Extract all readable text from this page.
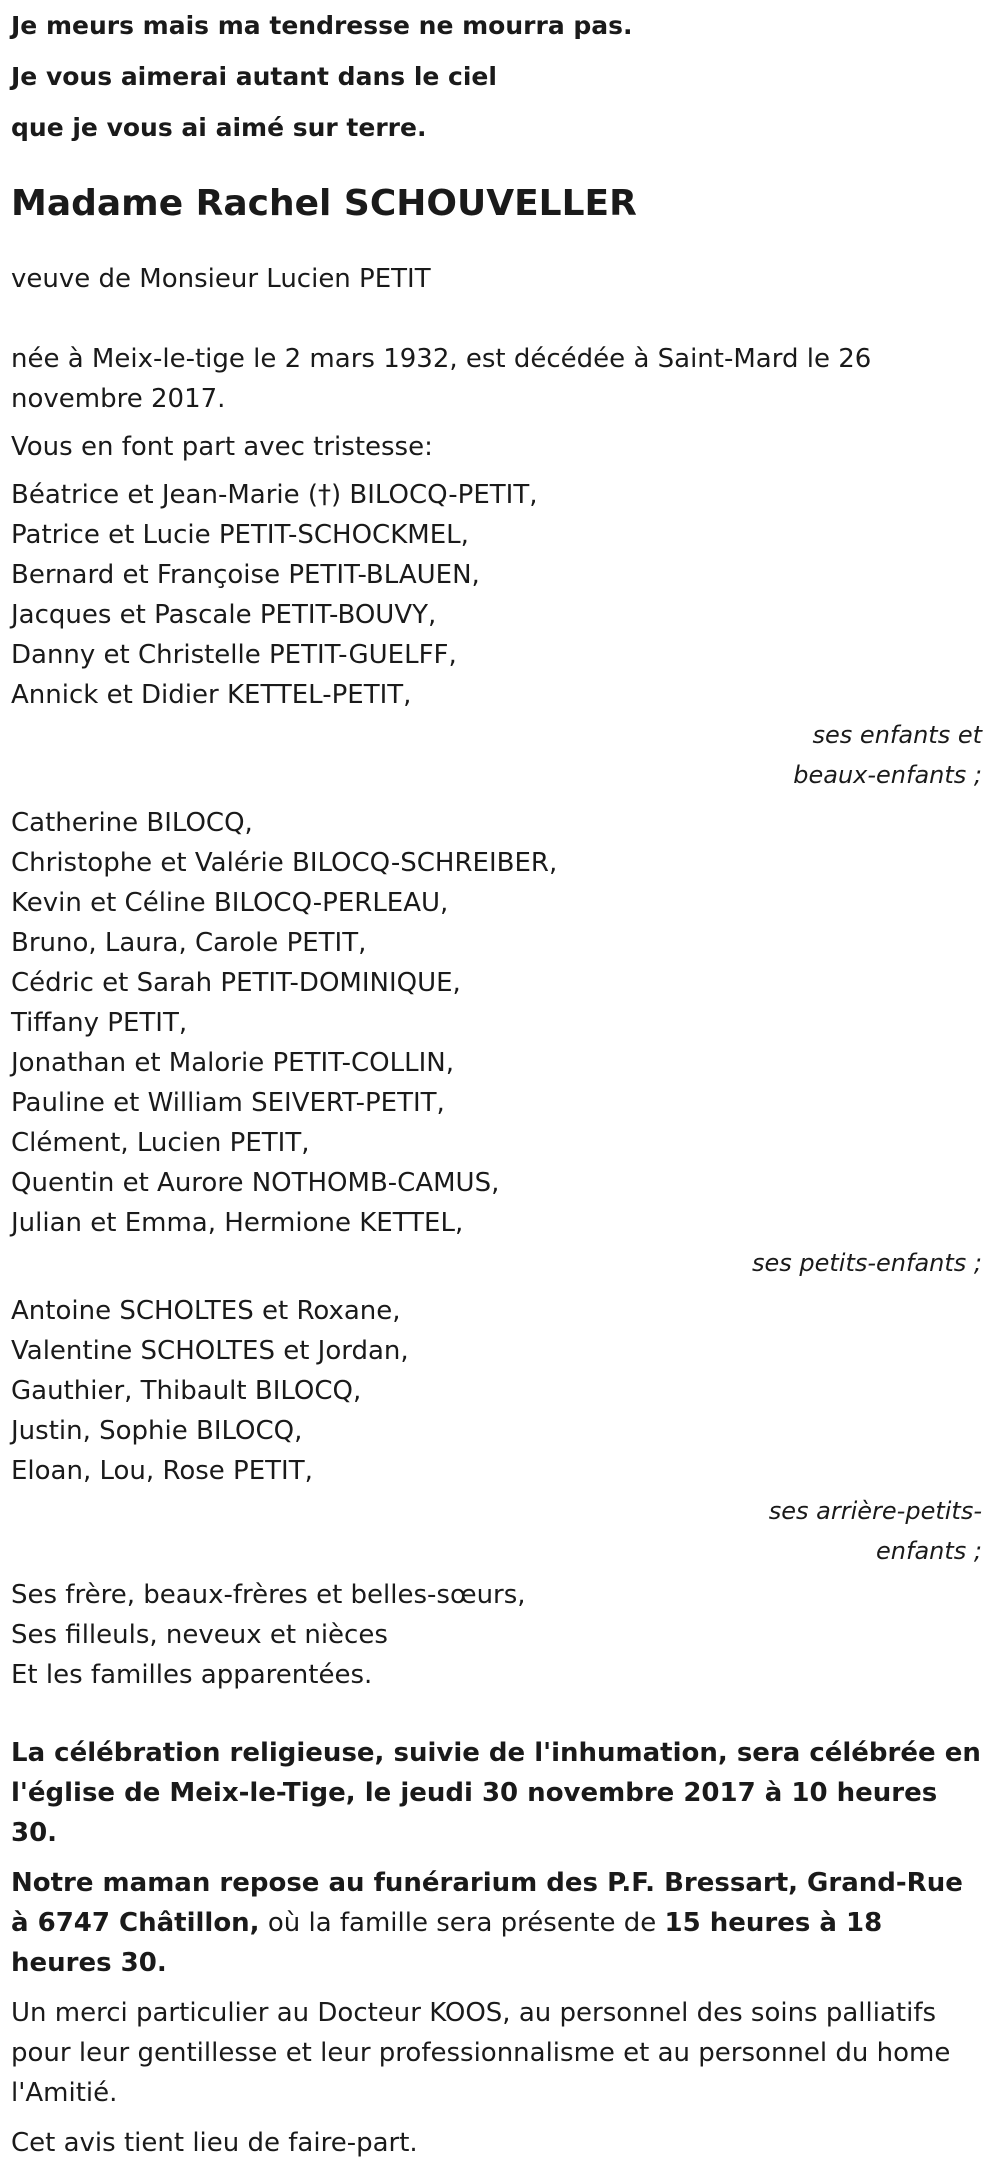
Je meurs mais ma tendresse ne mourra pas.

Je vous aimerai autant dans le ciel

que je vous ai aimé sur terre.

Madame Rachel SCHOUVELLER

veuve de Monsieur Lucien PETIT

née à Meix-le-tige le 2 mars 1932, est décédée à Saint-Mard le 26 novembre 2017.

Vous en font part avec tristesse:

Béatrice et Jean-Marie (†) BILOCQ-PETIT,
Patrice et Lucie PETIT-SCHOCKMEL,
Bernard et Françoise PETIT-BLAUEN,
Jacques et Pascale PETIT-BOUVY,
Danny et Christelle PETIT-GUELFF,
Annick et Didier KETTEL-PETIT,
ses enfants et
beaux-enfants ;
Catherine BILOCQ,
Christophe et Valérie BILOCQ-SCHREIBER,
Kevin et Céline BILOCQ-PERLEAU,
Bruno, Laura, Carole PETIT,
Cédric et Sarah PETIT-DOMINIQUE,
Tiffany PETIT,
Jonathan et Malorie PETIT-COLLIN,
Pauline et William SEIVERT-PETIT,
Clément, Lucien PETIT,
Quentin et Aurore NOTHOMB-CAMUS,
Julian et Emma, Hermione KETTEL,
ses petits-enfants ;
Antoine SCHOLTES et Roxane,
Valentine SCHOLTES et Jordan,
Gauthier, Thibault BILOCQ,
Justin, Sophie BILOCQ,
Eloan, Lou, Rose PETIT,
ses arrière-petits-
enfants ;
Ses frère, beaux-frères et belles-sœurs,
Ses filleuls, neveux et nièces
Et les familles apparentées.

La célébration religieuse, suivie de l'inhumation, sera célébrée en l'église de Meix-le-Tige, le jeudi 30 novembre 2017 à 10 heures 30.

Notre maman repose au funérarium des P.F. Bressart, Grand-Rue à 6747 Châtillon, où la famille sera présente de 15 heures à 18 heures 30.

Un merci particulier au Docteur KOOS, au personnel des soins palliatifs pour leur gentillesse et leur professionnalisme et au personnel du home l'Amitié.

Cet avis tient lieu de faire-part.
